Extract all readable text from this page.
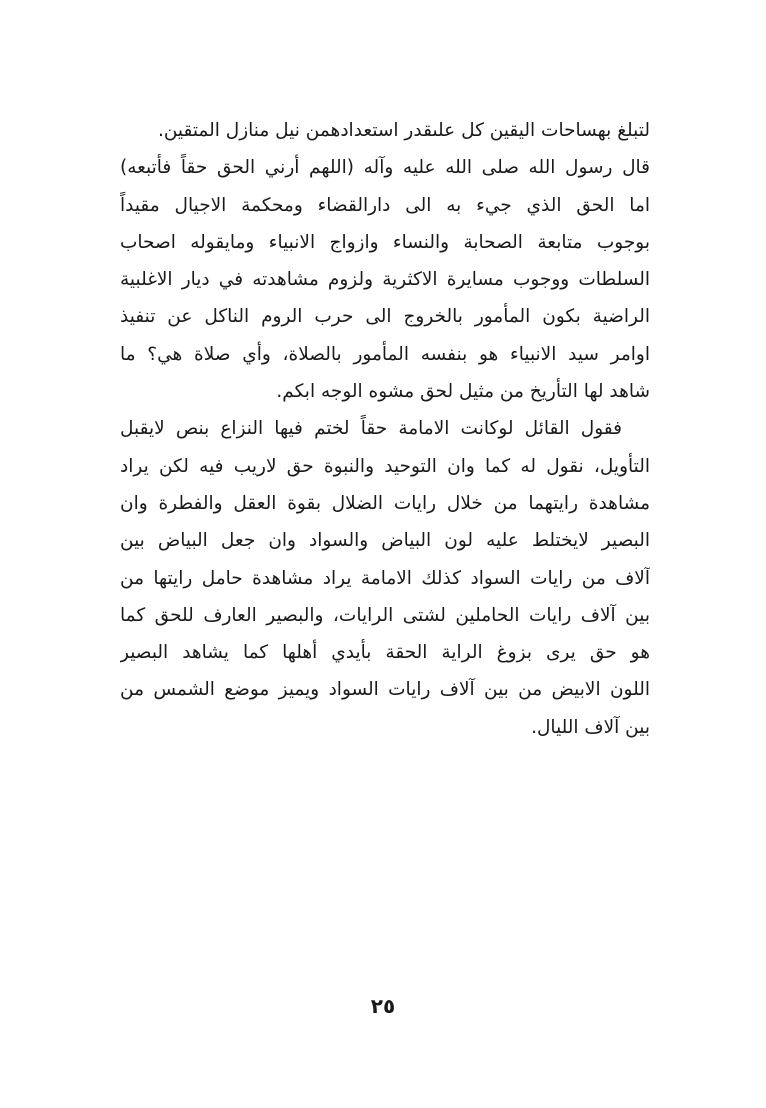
لتبلغ بهساحات اليقين كل علىقدر استعدادهمن نيل منازل المتقين.
قال رسول الله صلى الله عليه وآله (اللهم أرني الحق حقاً فأتبعه)
اما الحق الذي جيء به الى دارالقضاء ومحكمة الاجيال مقيداً
بوجوب متابعة الصحابة والنساء وازواج الانبياء ومايقوله اصحاب
السلطات ووجوب مسايرة الاكثرية ولزوم مشاهدته في ديار الاغلبية
الراضية بكون المأمور بالخروج الى حرب الروم الناكل عن تنفيذ
اوامر سيد الانبياء هو بنفسه المأمور بالصلاة، وأي صلاة هي؟ ما
شاهد لها التأريخ من مثيل لحق مشوه الوجه ابكم.
فقول القائل لوكانت الامامة حقاً لختم فيها النزاع بنص لايقبل
التأويل، نقول له كما وان التوحيد والنبوة حق لاريب فيه لكن يراد
مشاهدة رايتهما من خلال رايات الضلال بقوة العقل والفطرة وان
البصير لايختلط عليه لون البياض والسواد وان جعل البياض بين
آلاف من رايات السواد كذلك الامامة يراد مشاهدة حامل رايتها من
بين آلاف رايات الحاملين لشتى الرايات، والبصير العارف للحق كما
هو حق يرى بزوغ الراية الحقة بأيدي أهلها كما يشاهد البصير
اللون الابيض من بين آلاف رايات السواد ويميز موضع الشمس من
بين آلاف الليال.
٢٥
